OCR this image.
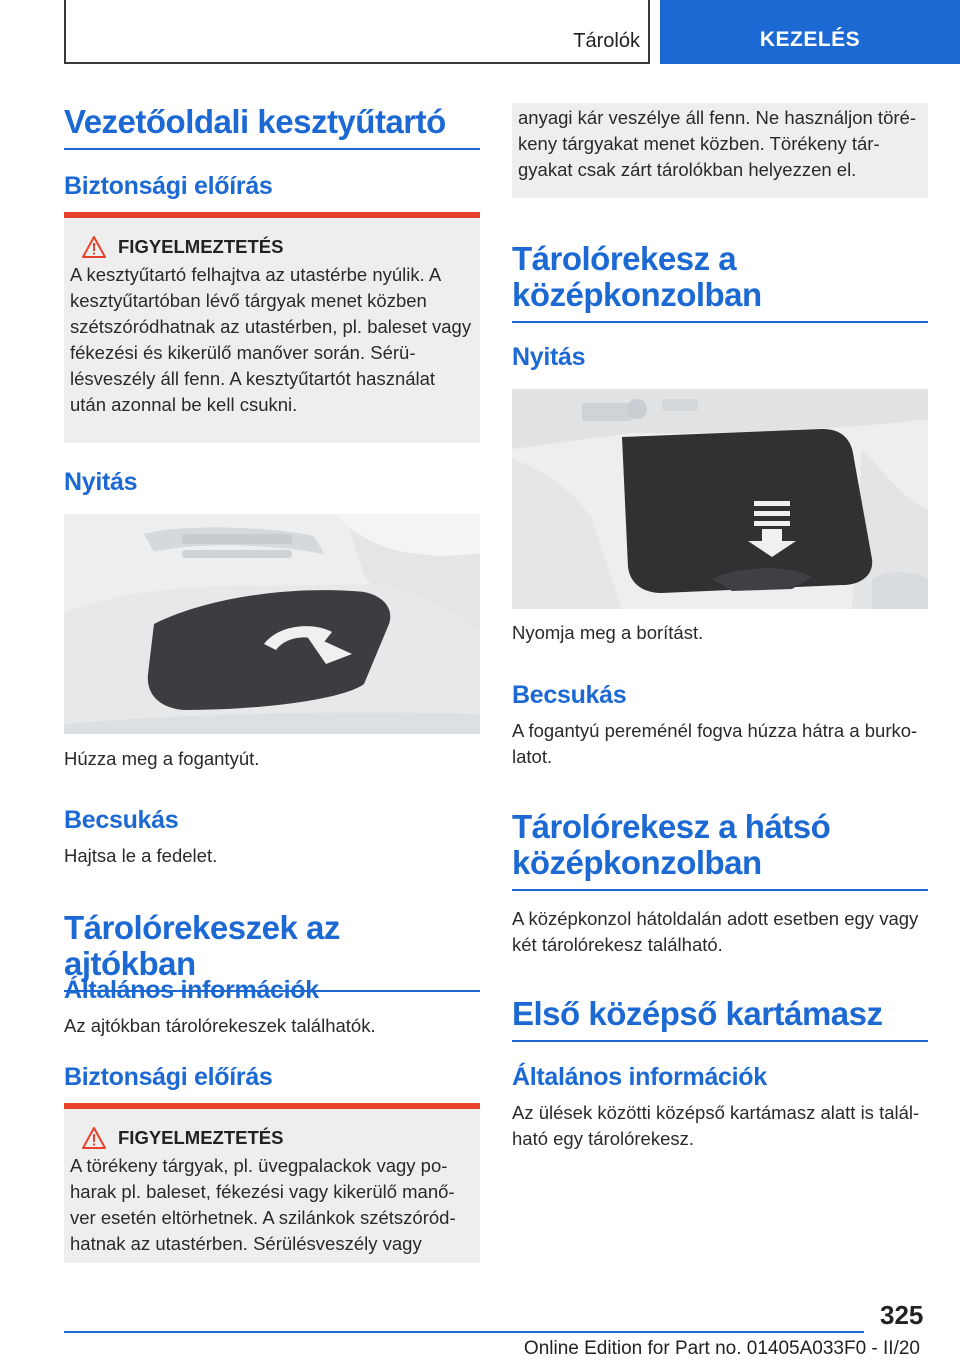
Tárolók	KEZELÉS
Vezetőoldali kesztyűtartó
Biztonsági előírás
FIGYELMEZTETÉS
A kesztyűtartó felhajtva az utastérbe nyúlik. A kesztyűtartóban lévő tárgyak menet közben szétszóródhatnak az utastérben, pl. baleset vagy fékezési és kikerülő manőver során. Sérülésveszély áll fenn. A kesztyűtartót használat után azonnal be kell csukni.
Nyitás
Húzza meg a fogantyút.
Becsukás
Hajtsa le a fedelet.
Tárolórekeszek az ajtókban
Általános információk
Az ajtókban tárolórekeszek találhatók.
Biztonsági előírás
FIGYELMEZTETÉS
A törékeny tárgyak, pl. üvegpalackok vagy poharak pl. baleset, fékezési vagy kikerülő manőver esetén eltörhetnek. A szilánkok szétszóródhatnak az utastérben. Sérülésveszély vagy
anyagi kár veszélye áll fenn. Ne használjon törékeny tárgyakat menet közben. Törékeny tárgyakat csak zárt tárolókban helyezzen el.
Tárolórekesz a középkonzolban
Nyitás
Nyomja meg a borítást.
Becsukás
A fogantyú pereménél fogva húzza hátra a burkolatot.
Tárolórekesz a hátsó középkonzolban
A középkonzol hátoldalán adott esetben egy vagy két tárolórekesz található.
Első középső kartámasz
Általános információk
Az ülések közötti középső kartámasz alatt is található egy tárolórekesz.
325
Online Edition for Part no. 01405A033F0 - II/20
